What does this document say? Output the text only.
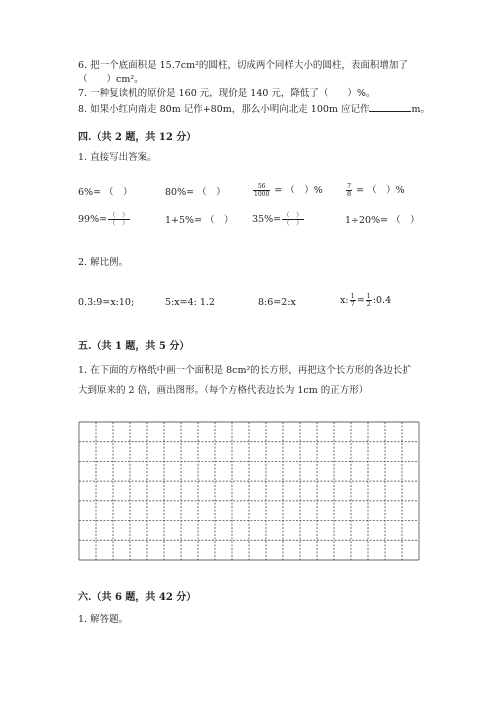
6. 把一个底面积是 15.7cm²的圆柱，切成两个同样大小的圆柱，表面积增加了
（　　）cm²。
7. 一种复读机的原价是 160 元，现价是 140 元，降低了（　　）%。
8. 如果小红向南走 80m 记作+80m，那么小明向北走 100m 应记作	m。
四.（共 2 题，共 12 分）
1. 直接写出答案。
6%= （　）	80%= （　）	$\frac{56}{1000}$ = （　）%	$\frac{7}{8}$ = （　）%
$99\%= \frac{( )}{( )}$	1+5%= （　） $35\%= \frac{( )}{( )}$	1÷20%= （　）
2. 解比例。
0.3:9=x:10;	5:x=4: 1.2	8:6=2:x	x: $\frac{1}{7} = \frac{1}{2}$ :0.4
五.（共 1 题，共 5 分）
1. 在下面的方格纸中画一个面积是 8cm²的长方形，再把这个长方形的各边长扩
大到原来的 2 倍，画出图形。（每个方格代表边长为 1cm 的正方形）
六.（共 6 题，共 42 分）
1. 解答题。
